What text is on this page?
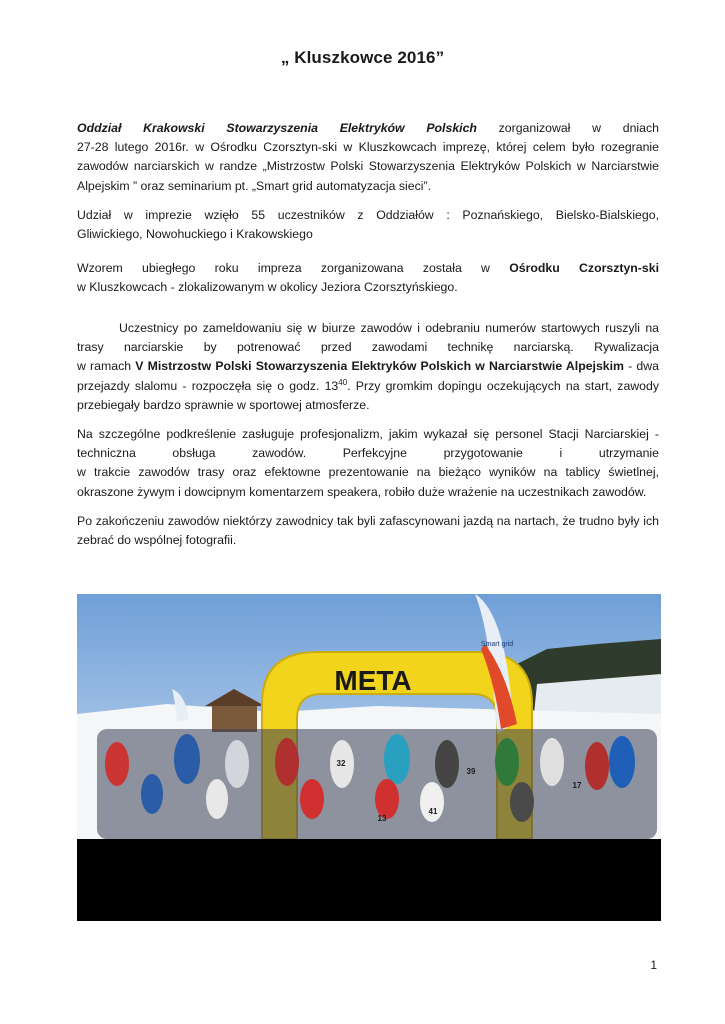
„ Kluszkowce 2016”
Oddział Krakowski Stowarzyszenia Elektryków Polskich zorganizował w dniach
27-28 lutego 2016r. w Ośrodku Czorsztyn-ski w Kluszkowcach imprezę, której celem było rozegranie
zawodów narciarskich w randze „Mistrzostw Polski Stowarzyszenia Elektryków Polskich w Narciarstwie
Alpejskim ” oraz seminarium pt. „Smart grid automatyzacja sieci”.
Udział w imprezie wzięło 55 uczestników z Oddziałów : Poznańskiego, Bielsko-Bialskiego,
Gliwickiego, Nowohuckiego i Krakowskiego
Wzorem ubiegłego roku impreza zorganizowana została w Ośrodku Czorsztyn-ski
w Kluszkowcach - zlokalizowanym w okolicy Jeziora Czorsztyńskiego.
Uczestnicy po zameldowaniu się w biurze zawodów i odebraniu numerów startowych ruszyli na
trasy narciarskie by potrenować przed zawodami technikę narciarską. Rywalizacja
w ramach V Mistrzostw Polski Stowarzyszenia Elektryków Polskich w Narciarstwie Alpejskim - dwa
przejazdy slalomu - rozpoczęła się o godz. $13^{40}$. Przy gromkim dopingu oczekujących na start, zawody
przebiegały bardzo sprawnie w sportowej atmosferze.
Na szczególne podkreślenie zasługuje profesjonalizm, jakim wykazał się personel Stacji Narciarskiej -
techniczna obsługa zawodów. Perfekcyjne przygotowanie i utrzymanie
w trakcie zawodów trasy oraz efektowne prezentowanie na bieżąco wyników na tablicy świetlnej,
okraszone żywym i dowcipnym komentarzem speakera, robiło duże wrażenie na uczestnikach zawodów.
Po zakończeniu zawodów niektórzy zawodnicy tak byli zafascynowani jazdą na nartach, że trudno były ich
zebrać do wspólnej fotografii.
META
Smart grid
39
32
13
41
17
1
